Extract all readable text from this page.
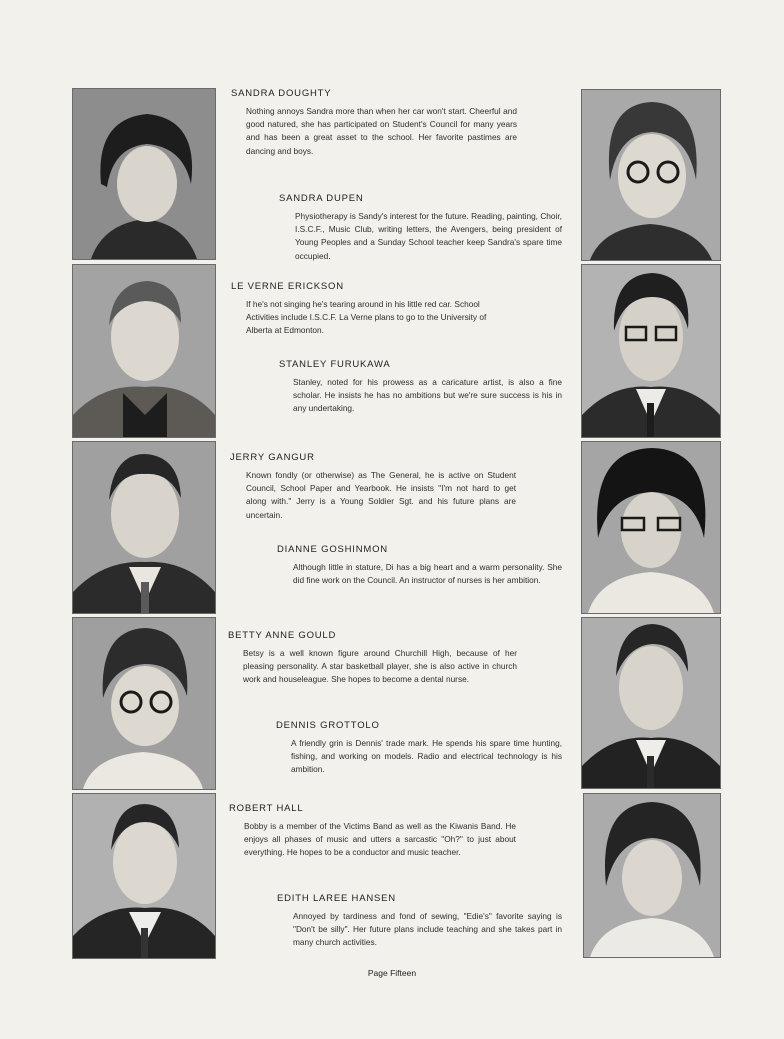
SANDRA DOUGHTY

Nothing annoys Sandra more than when her car won't start. Cheerful and good natured, she has participated on Student's Council for many years and has been a great asset to the school. Her favorite pastimes are dancing and boys.

SANDRA DUPEN

Physiotherapy is Sandy's interest for the future. Reading, painting, Choir, I.S.C.F., Music Club, writing letters, the Avengers, being president of Young Peoples and a Sunday School teacher keep Sandra's spare time occupied.

LE VERNE ERICKSON

If he's not singing he's tearing around in his little red car. School Activities include I.S.C.F. La Verne plans to go to the University of Alberta at Edmonton.

STANLEY FURUKAWA

Stanley, noted for his prowess as a caricature artist, is also a fine scholar. He insists he has no ambitions but we're sure success is his in any undertaking.

JERRY GANGUR

Known fondly (or otherwise) as The General, he is active on Student Council, School Paper and Yearbook. He insists "I'm not hard to get along with." Jerry is a Young Soldier Sgt. and his future plans are uncertain.

DIANNE GOSHINMON

Although little in stature, Di has a big heart and a warm personality. She did fine work on the Council. An instructor of nurses is her ambition.

BETTY ANNE GOULD

Betsy is a well known figure around Churchill High, because of her pleasing personality. A star basketball player, she is also active in church work and houseleague. She hopes to become a dental nurse.

DENNIS GROTTOLO

A friendly grin is Dennis' trade mark. He spends his spare time hunting, fishing, and working on models. Radio and electrical technology is his ambition.

ROBERT HALL

Bobby is a member of the Victims Band as well as the Kiwanis Band. He enjoys all phases of music and utters a sarcastic "Oh?" to just about everything. He hopes to be a conductor and music teacher.

EDITH LAREE HANSEN

Annoyed by tardiness and fond of sewing, "Edie's" favorite saying is "Don't be silly". Her future plans include teaching and she takes part in many church activities.

Page Fifteen
